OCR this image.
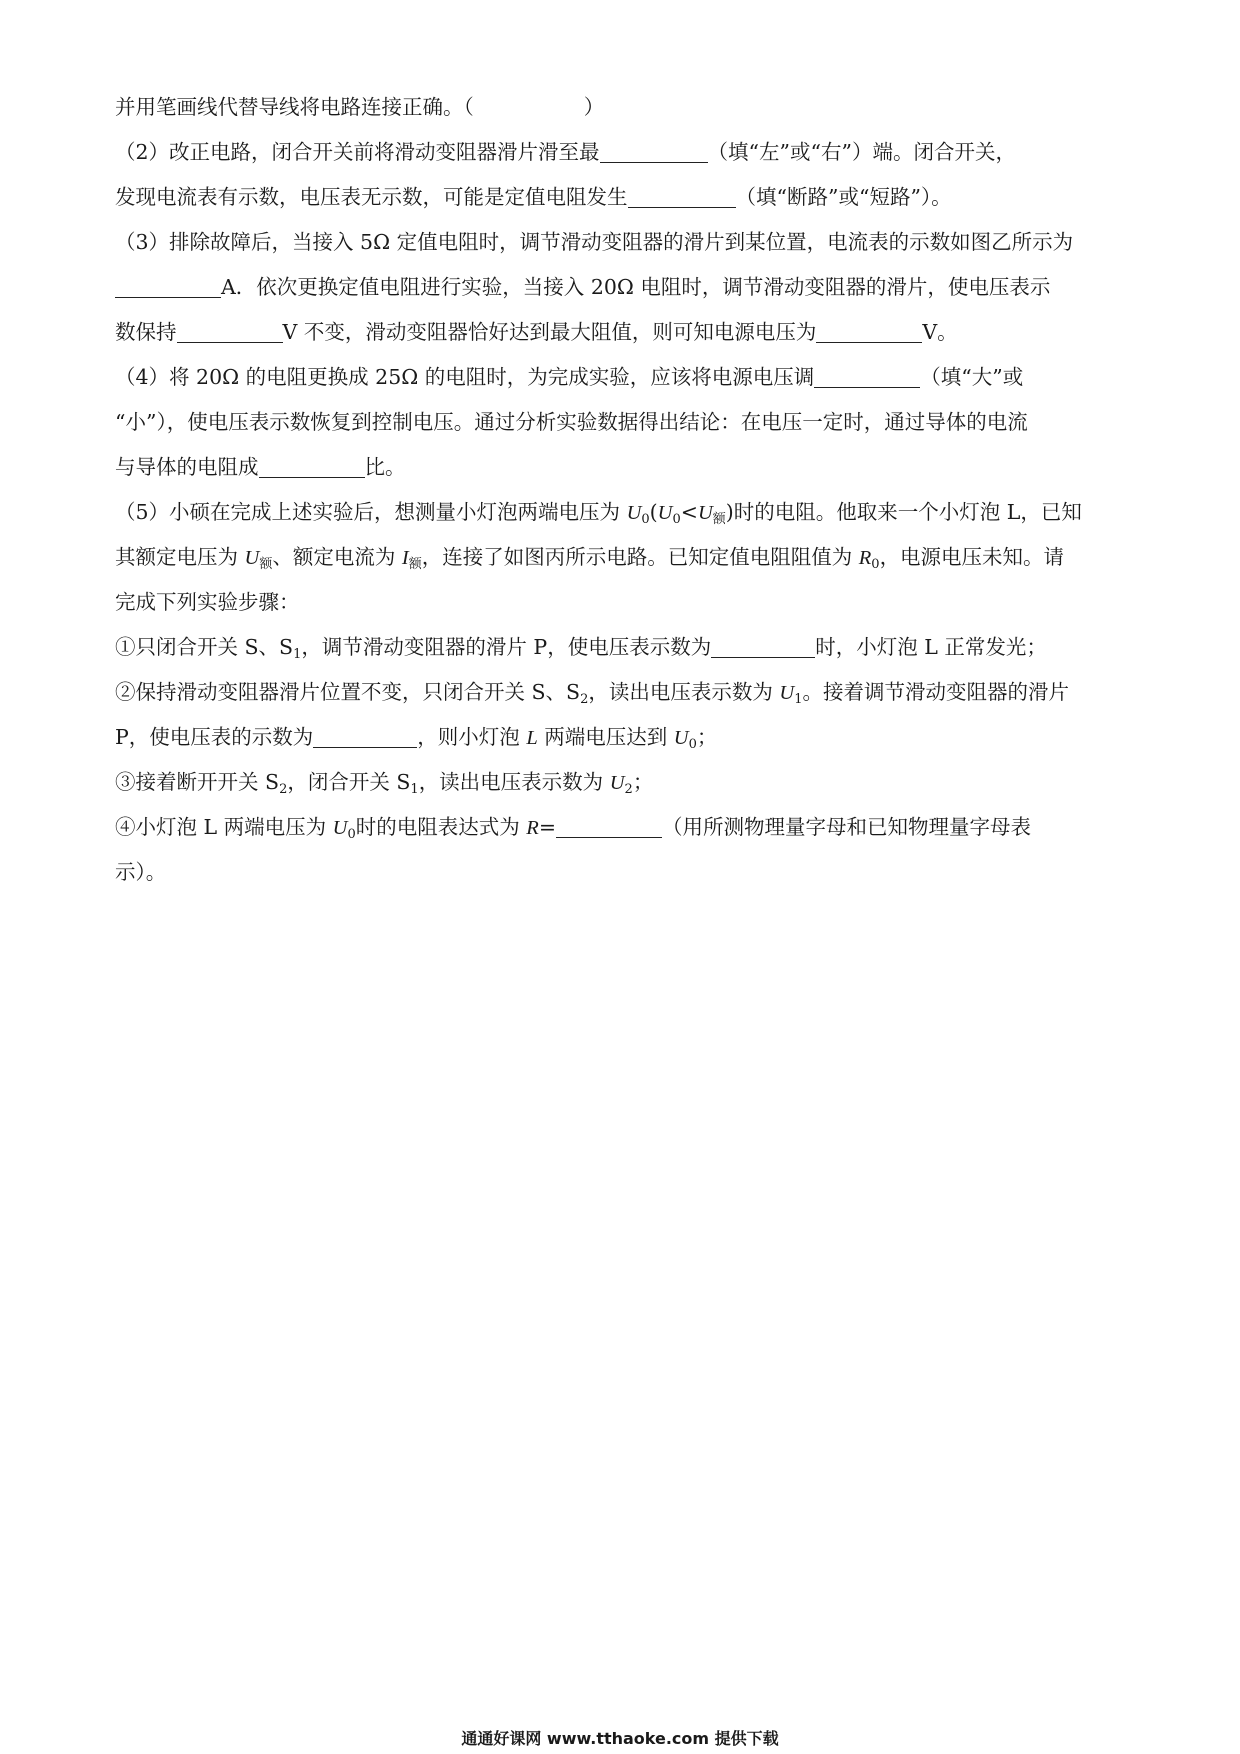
并用笔画线代替导线将电路连接正确。（	）
（2）改正电路，闭合开关前将滑动变阻器滑片滑至最	（填“左”或“右”）端。闭合开关，
发现电流表有示数，电压表无示数，可能是定值电阻发生	（填“断路”或“短路”）。
（3）排除故障后，当接入 5Ω 定值电阻时，调节滑动变阻器的滑片到某位置，电流表的示数如图乙所示为
A．依次更换定值电阻进行实验，当接入 20Ω 电阻时，调节滑动变阻器的滑片，使电压表示
数保持	V 不变，滑动变阻器恰好达到最大阻值，则可知电源电压为	V。
（4）将 20Ω 的电阻更换成 25Ω 的电阻时，为完成实验，应该将电源电压调	（填“大”或
“小”），使电压表示数恢复到控制电压。通过分析实验数据得出结论：在电压一定时，通过导体的电流
与导体的电阻成	比。
（5）小硕在完成上述实验后，想测量小灯泡两端电压为 $U_0(U_0<U_额)$时的电阻。他取来一个小灯泡 L，已知
其额定电压为 $U_额$、额定电流为 $I_额$，连接了如图丙所示电路。已知定值电阻阻值为 $R_0$，电源电压未知。请
完成下列实验步骤：
①只闭合开关 S、$S_1$，调节滑动变阻器的滑片 P，使电压表示数为	时，小灯泡 L 正常发光；
②保持滑动变阻器滑片位置不变，只闭合开关 S、$S_2$，读出电压表示数为 $U_1$。接着调节滑动变阻器的滑片
P，使电压表的示数为	，则小灯泡 L 两端电压达到 $U_0$；
③接着断开开关 $S_2$，闭合开关 $S_1$，读出电压表示数为 $U_2$；
④小灯泡 L 两端电压为 $U_0$时的电阻表达式为 R=	（用所测物理量字母和已知物理量字母表
示）。
通通好课网 www.tthaoke.com 提供下载
